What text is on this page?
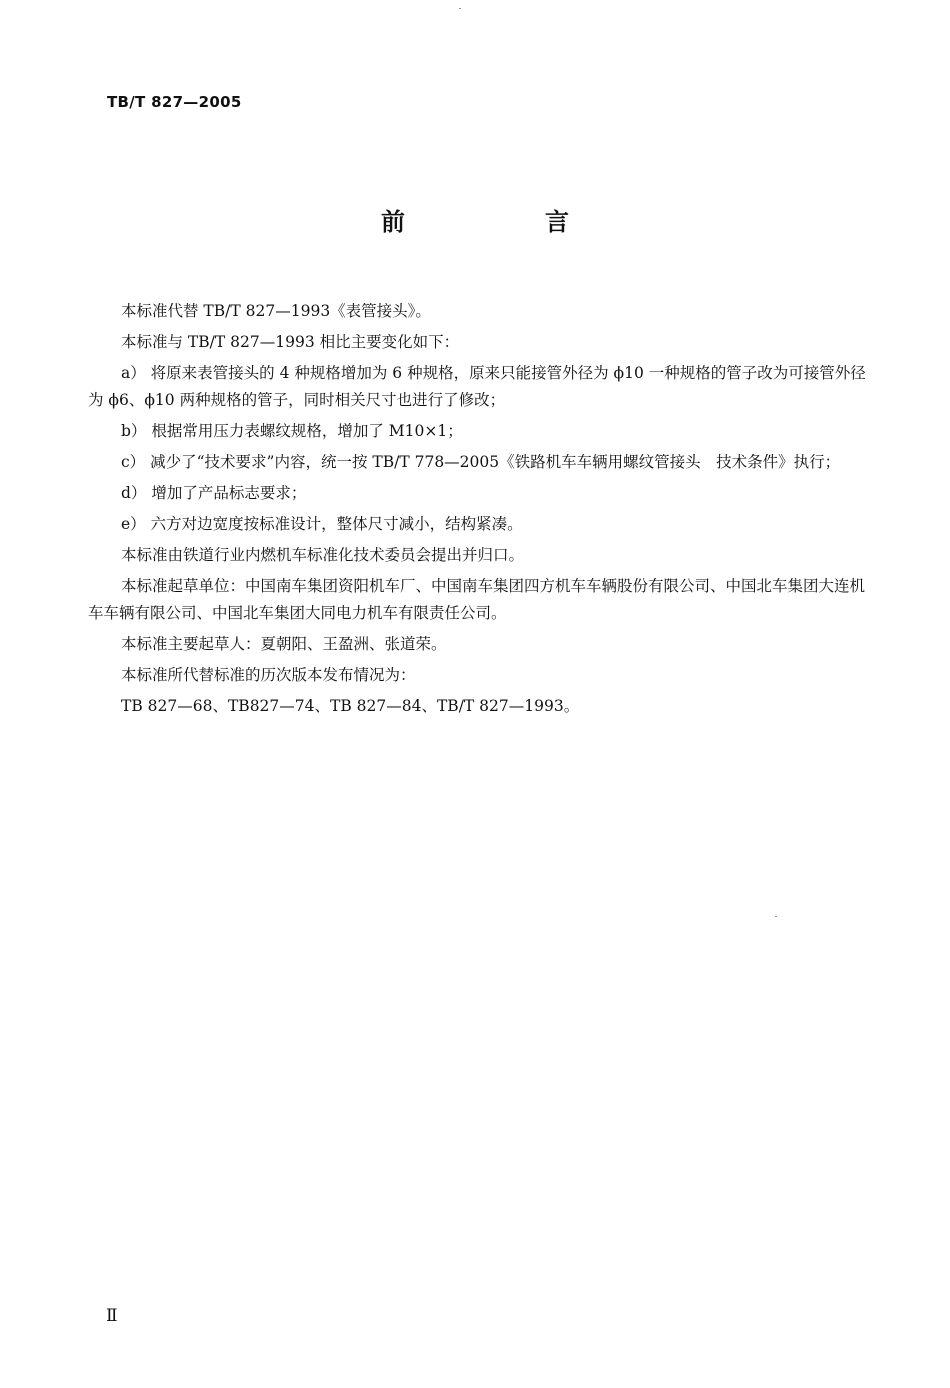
TB/T 827—2005
前　言

本标准代替 TB/T 827—1993《表管接头》。

本标准与 TB/T 827—1993 相比主要变化如下：

a） 将原来表管接头的 4 种规格增加为 6 种规格，原来只能接管外径为 ϕ10 一种规格的管子改为可接管外径为 ϕ6、ϕ10 两种规格的管子，同时相关尺寸也进行了修改；

b） 根据常用压力表螺纹规格，增加了 M10×1；

c） 减少了“技术要求”内容，统一按 TB/T 778—2005《铁路机车车辆用螺纹管接头　技术条件》执行；

d） 增加了产品标志要求；

e） 六方对边宽度按标准设计，整体尺寸减小，结构紧凑。

本标准由铁道行业内燃机车标准化技术委员会提出并归口。

本标准起草单位：中国南车集团资阳机车厂、中国南车集团四方机车车辆股份有限公司、中国北车集团大连机车车辆有限公司、中国北车集团大同电力机车有限责任公司。

本标准主要起草人：夏朝阳、王盈洲、张道荣。

本标准所代替标准的历次版本发布情况为：

TB 827—68、TB827—74、TB 827—84、TB/T 827—1993。

Ⅱ
